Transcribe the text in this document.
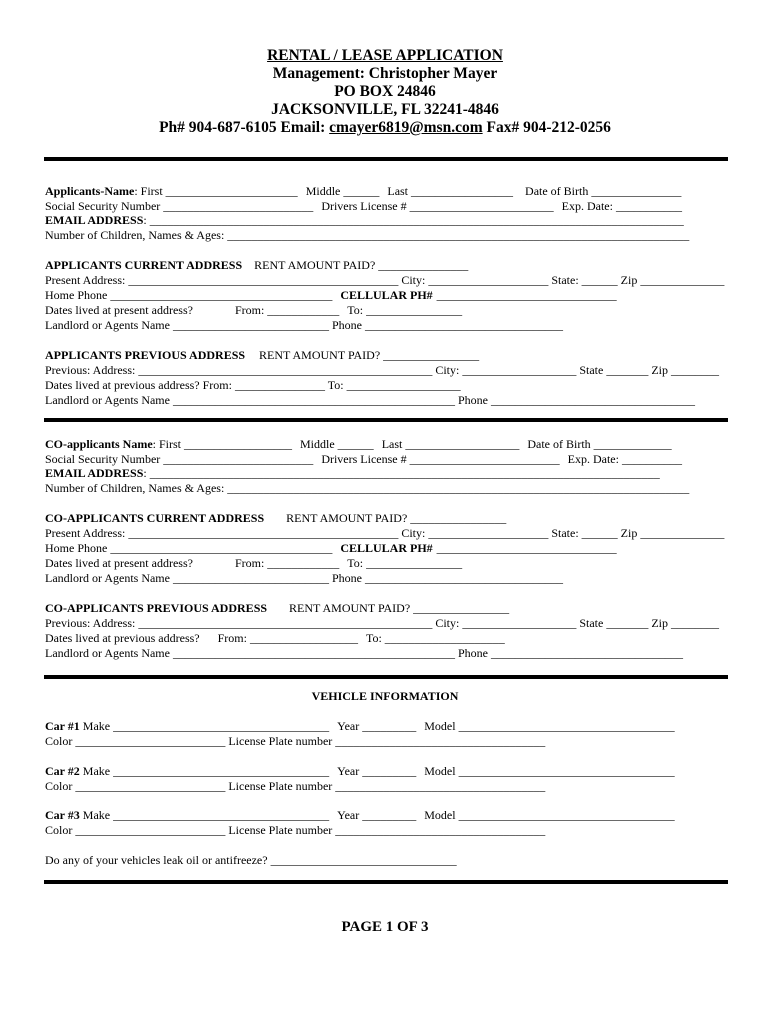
RENTAL / LEASE APPLICATION
Management: Christopher Mayer
PO BOX 24846
JACKSONVILLE, FL 32241-4846
Ph# 904-687-6105 Email: cmayer6819@msn.com Fax# 904-212-0256
Applicants-Name: First ______________________ Middle ______ Last _________________ Date of Birth _______________
Social Security Number _________________________ Drivers License # ________________________ Exp. Date: ___________
EMAIL ADDRESS: _________________________________________________________________________________________
Number of Children, Names & Ages: _____________________________________________________________________________
APPLICANTS CURRENT ADDRESS RENT AMOUNT PAID? _______________
Present Address: _____________________________________________ City: ____________________ State: ______ Zip ______________
Home Phone _____________________________________ CELLULAR PH# ______________________________
Dates lived at present address?	From: ____________ To: ________________
Landlord or Agents Name __________________________ Phone _________________________________
APPLICANTS PREVIOUS ADDRESS RENT AMOUNT PAID? ________________
Previous: Address: _________________________________________________ City: ___________________ State _______ Zip ________
Dates lived at previous address? From: _______________ To: ___________________
Landlord or Agents Name _______________________________________________ Phone __________________________________
CO-applicants Name: First __________________ Middle ______ Last ___________________ Date of Birth _____________
Social Security Number _________________________ Drivers License # _________________________ Exp. Date: __________
EMAIL ADDRESS: _____________________________________________________________________________________
Number of Children, Names & Ages: _____________________________________________________________________________
CO-APPLICANTS CURRENT ADDRESS RENT AMOUNT PAID? ________________
Present Address: _____________________________________________ City: ____________________ State: ______ Zip ______________
Home Phone _____________________________________ CELLULAR PH# ______________________________
Dates lived at present address?	From: ____________ To: ________________
Landlord or Agents Name __________________________ Phone _________________________________
CO-APPLICANTS PREVIOUS ADDRESS RENT AMOUNT PAID? ________________
Previous: Address: _________________________________________________ City: ___________________ State _______ Zip ________
Dates lived at previous address? From: __________________ To: ____________________
Landlord or Agents Name _______________________________________________ Phone ________________________________
VEHICLE INFORMATION
Car #1 Make ____________________________________ Year _________ Model ____________________________________
Color _________________________ License Plate number ___________________________________
Car #2 Make ____________________________________ Year _________ Model ____________________________________
Color _________________________ License Plate number ___________________________________
Car #3 Make ____________________________________ Year _________ Model ____________________________________
Color _________________________ License Plate number ___________________________________
Do any of your vehicles leak oil or antifreeze? _______________________________
PAGE 1 OF 3
